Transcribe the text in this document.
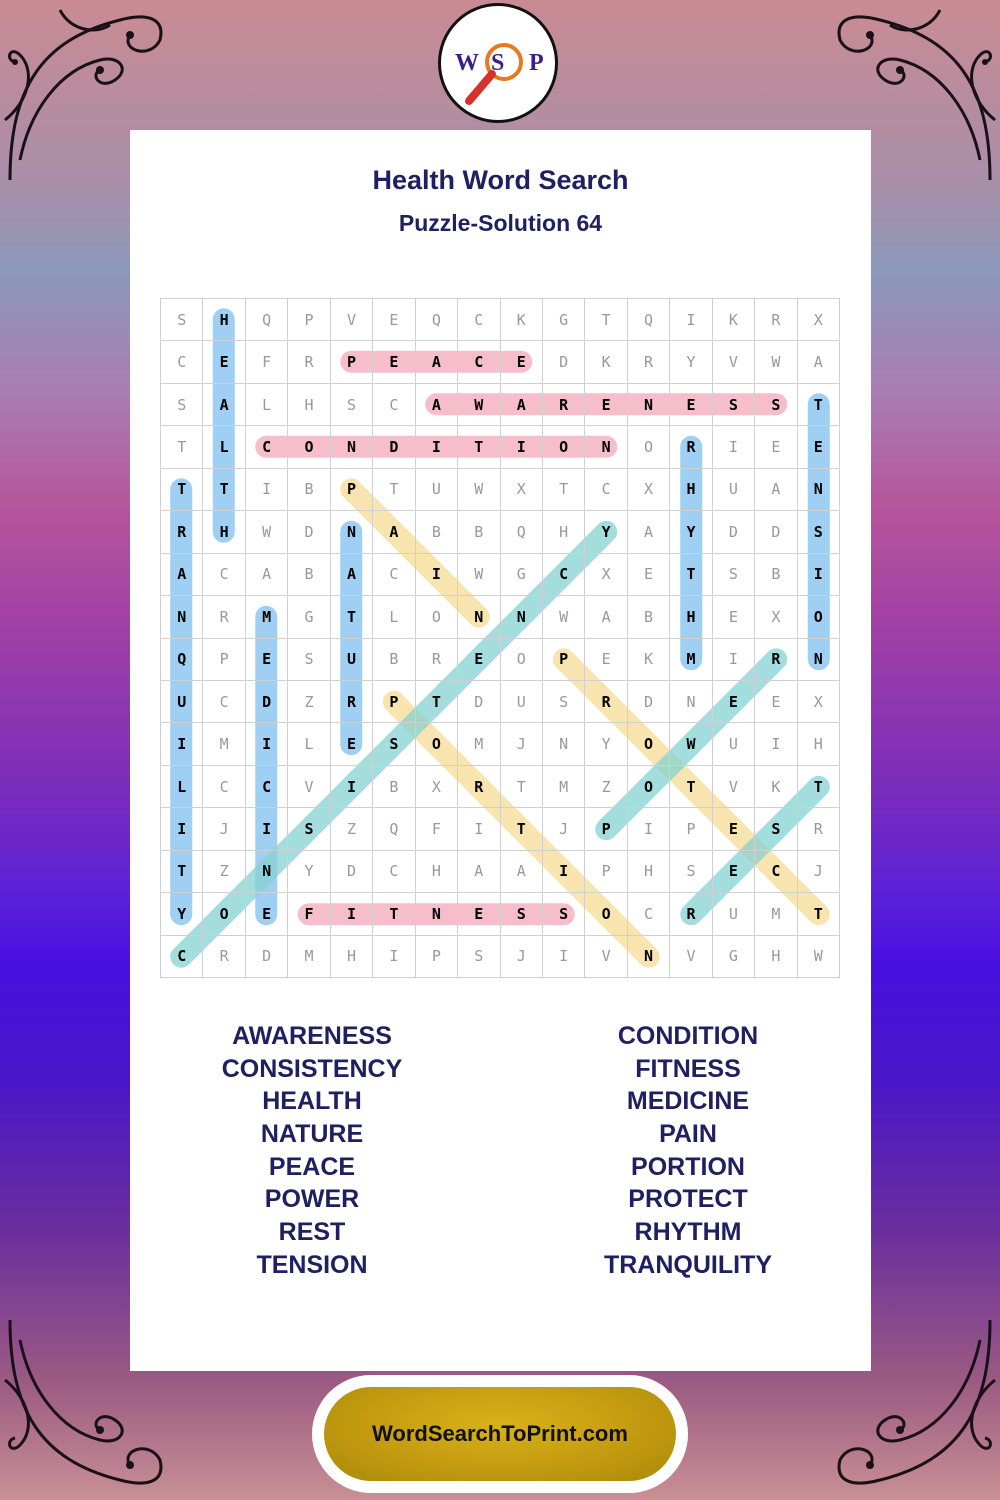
W S P
Health Word Search
Puzzle-Solution 64
S	H	Q	P	V	E	Q	C	K	G	T	Q	I	K	R	X
C	E	F	R	P	E	A	C	E	D	K	R	Y	V	W	A
S	A	L	H	S	C	A	W	A	R	E	N	E	S	S	T
T	L	C	O	N	D	I	T	I	O	N	O	R	I	E	E
T	T	I	B	P	T	U	W	X	T	C	X	H	U	A	N
R	H	W	D	N	A	B	B	Q	H	Y	A	Y	D	D	S
A	C	A	B	A	C	I	W	G	C	X	E	T	S	B	I
N	R	M	G	T	L	O	N	N	W	A	B	H	E	X	O
Q	P	E	S	U	B	R	E	O	P	E	K	M	I	R	N
U	C	D	Z	R	P	T	D	U	S	R	D	N	E	E	X
I	M	I	L	E	S	O	M	J	N	Y	O	W	U	I	H
L	C	C	V	I	B	X	R	T	M	Z	O	T	V	K	T
I	J	I	S	Z	Q	F	I	T	J	P	I	P	E	S	R
T	Z	N	Y	D	C	H	A	A	I	P	H	S	E	C	J
Y	O	E	F	I	T	N	E	S	S	O	C	R	U	M	T
C	R	D	M	H	I	P	S	J	I	V	N	V	G	H	W
AWARENESS
CONSISTENCY
HEALTH
NATURE
PEACE
POWER
REST
TENSION
CONDITION
FITNESS
MEDICINE
PAIN
PORTION
PROTECT
RHYTHM
TRANQUILITY
WordSearchToPrint.com
